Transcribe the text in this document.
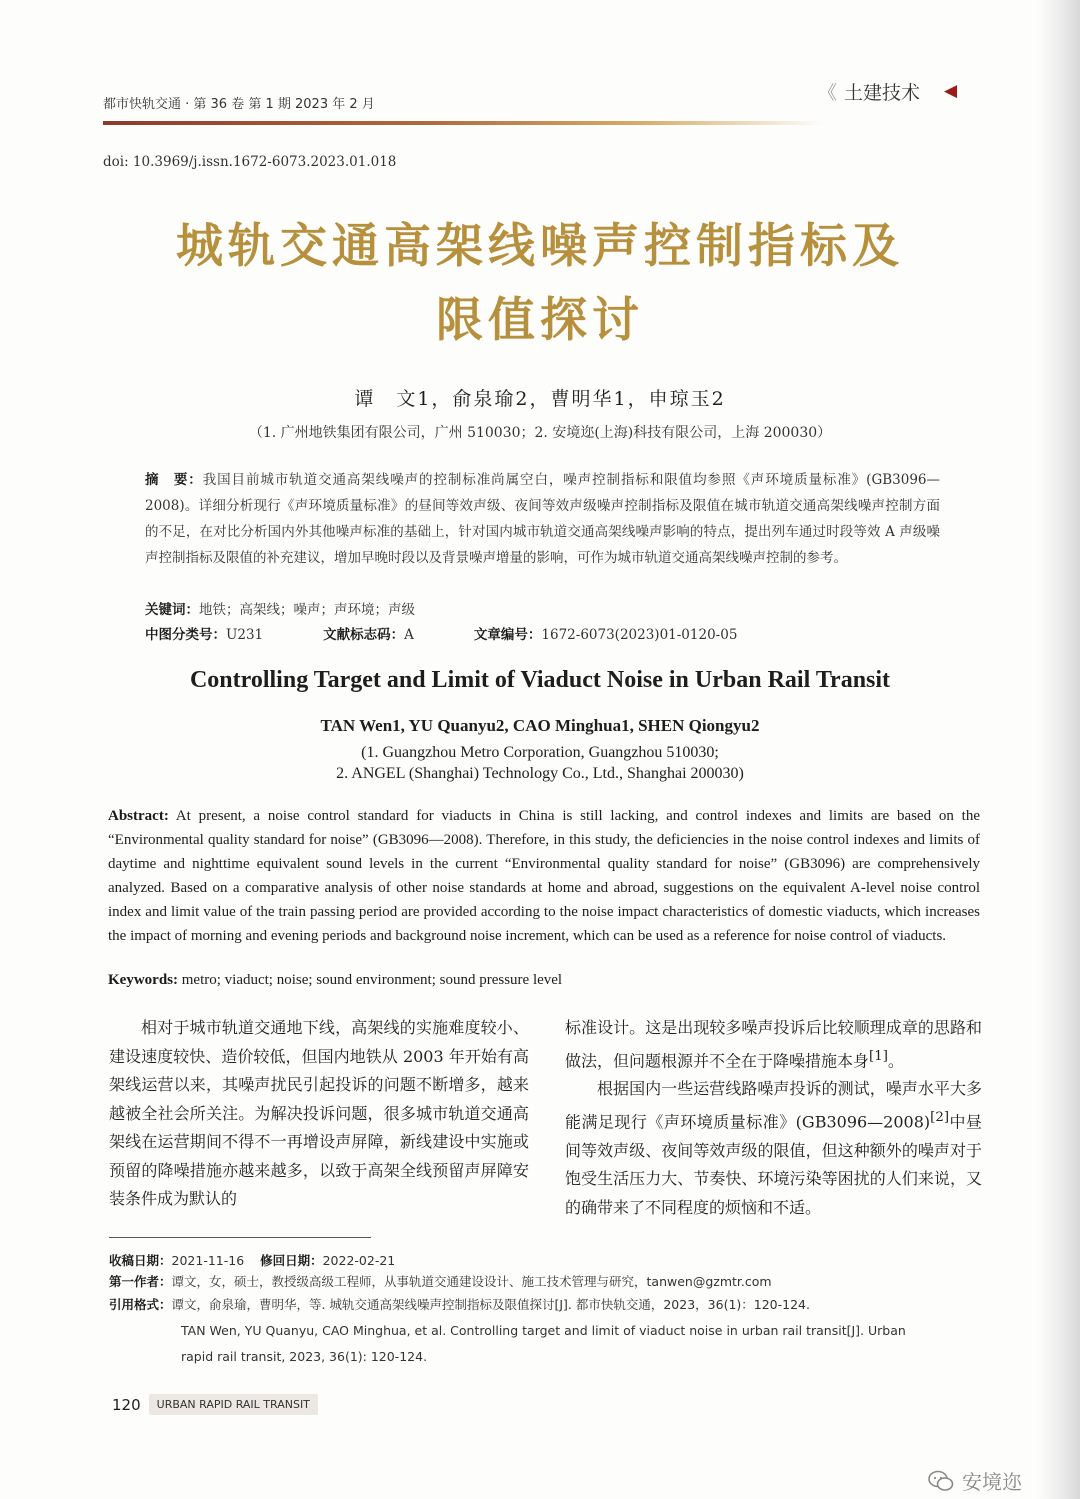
都市快轨交通 · 第 36 卷 第 1 期 2023 年 2 月
《 土建技术 ◀
doi: 10.3969/j.issn.1672-6073.2023.01.018
城轨交通高架线噪声控制指标及
限值探讨
谭　文1，俞泉瑜2，曹明华1，申琼玉2
（1. 广州地铁集团有限公司，广州 510030；2. 安境迩(上海)科技有限公司，上海 200030）
摘　要：我国目前城市轨道交通高架线噪声的控制标准尚属空白，噪声控制指标和限值均参照《声环境质量标准》(GB3096—2008)。详细分析现行《声环境质量标准》的昼间等效声级、夜间等效声级噪声控制指标及限值在城市轨道交通高架线噪声控制方面的不足，在对比分析国内外其他噪声标准的基础上，针对国内城市轨道交通高架线噪声影响的特点，提出列车通过时段等效 A 声级噪声控制指标及限值的补充建议，增加早晚时段以及背景噪声增量的影响，可作为城市轨道交通高架线噪声控制的参考。
关键词：地铁；高架线；噪声；声环境；声级
中图分类号：U231	文献标志码：A	文章编号：1672-6073(2023)01-0120-05
Controlling Target and Limit of Viaduct Noise in Urban Rail Transit
TAN Wen1, YU Quanyu2, CAO Minghua1, SHEN Qiongyu2
(1. Guangzhou Metro Corporation, Guangzhou 510030;
2. ANGEL (Shanghai) Technology Co., Ltd., Shanghai 200030)
Abstract: At present, a noise control standard for viaducts in China is still lacking, and control indexes and limits are based on the “Environmental quality standard for noise” (GB3096—2008). Therefore, in this study, the deficiencies in the noise control indexes and limits of daytime and nighttime equivalent sound levels in the current “Environmental quality standard for noise” (GB3096) are comprehensively analyzed. Based on a comparative analysis of other noise standards at home and abroad, suggestions on the equivalent A-level noise control index and limit value of the train passing period are provided according to the noise impact characteristics of domestic viaducts, which increases the impact of morning and evening periods and background noise increment, which can be used as a reference for noise control of viaducts.
Keywords: metro; viaduct; noise; sound environment; sound pressure level

相对于城市轨道交通地下线，高架线的实施难度较小、建设速度较快、造价较低，但国内地铁从 2003 年开始有高架线运营以来，其噪声扰民引起投诉的问题不断增多，越来越被全社会所关注。为解决投诉问题，很多城市轨道交通高架线在运营期间不得不一再增设声屏障，新线建设中实施或预留的降噪措施亦越来越多，以致于高架全线预留声屏障安装条件成为默认的

标准设计。这是出现较多噪声投诉后比较顺理成章的思路和做法，但问题根源并不全在于降噪措施本身[1]。

根据国内一些运营线路噪声投诉的测试，噪声水平大多能满足现行《声环境质量标准》(GB3096—2008)[2]中昼间等效声级、夜间等效声级的限值，但这种额外的噪声对于饱受生活压力大、节奏快、环境污染等困扰的人们来说，又的确带来了不同程度的烦恼和不适。

收稿日期：2021-11-16 修回日期：2022-02-21
第一作者：谭文，女，硕士，教授级高级工程师，从事轨道交通建设设计、施工技术管理与研究，tanwen@gzmtr.com
引用格式：谭文，俞泉瑜，曹明华，等. 城轨交通高架线噪声控制指标及限值探讨[J]. 都市快轨交通，2023，36(1)：120-124.
TAN Wen, YU Quanyu, CAO Minghua, et al. Controlling target and limit of viaduct noise in urban rail transit[J]. Urban
rapid rail transit, 2023, 36(1): 120-124.
120	URBAN RAPID RAIL TRANSIT
安境迩
